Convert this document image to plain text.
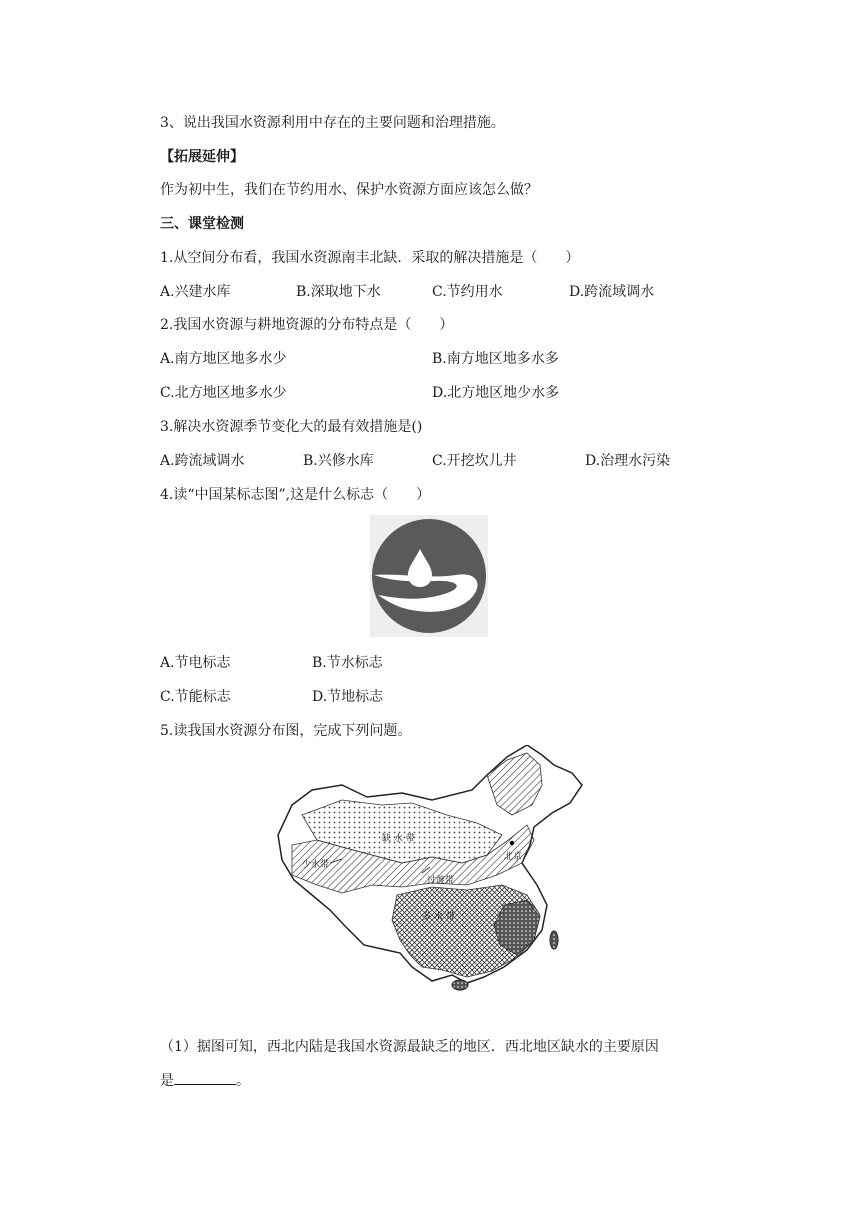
3、说出我国水资源利用中存在的主要问题和治理措施。
【拓展延伸】
作为初中生，我们在节约用水、保护水资源方面应该怎么做？
三、课堂检测
1.从空间分布看，我国水资源南丰北缺．采取的解决措施是（　　）
A.兴建水库	B.深取地下水	C.节约用水	D.跨流域调水
2.我国水资源与耕地资源的分布特点是（　　）
A.南方地区地多水少	B.南方地区地多水多
C.北方地区地多水少	D.北方地区地少水多
3.解决水资源季节变化大的最有效措施是()
A.跨流域调水	B.兴修水库	C.开挖坎儿井	D.治理水污染
4.读“中国某标志图”,这是什么标志（　　）
A.节电标志	B.节水标志
C.节能标志	D.节地标志
5.读我国水资源分布图，完成下列问题。
缺 水 带
少水带
北京
过渡带
多 水 带
（1）据图可知，西北内陆是我国水资源最缺乏的地区．西北地区缺水的主要原因
是	。
